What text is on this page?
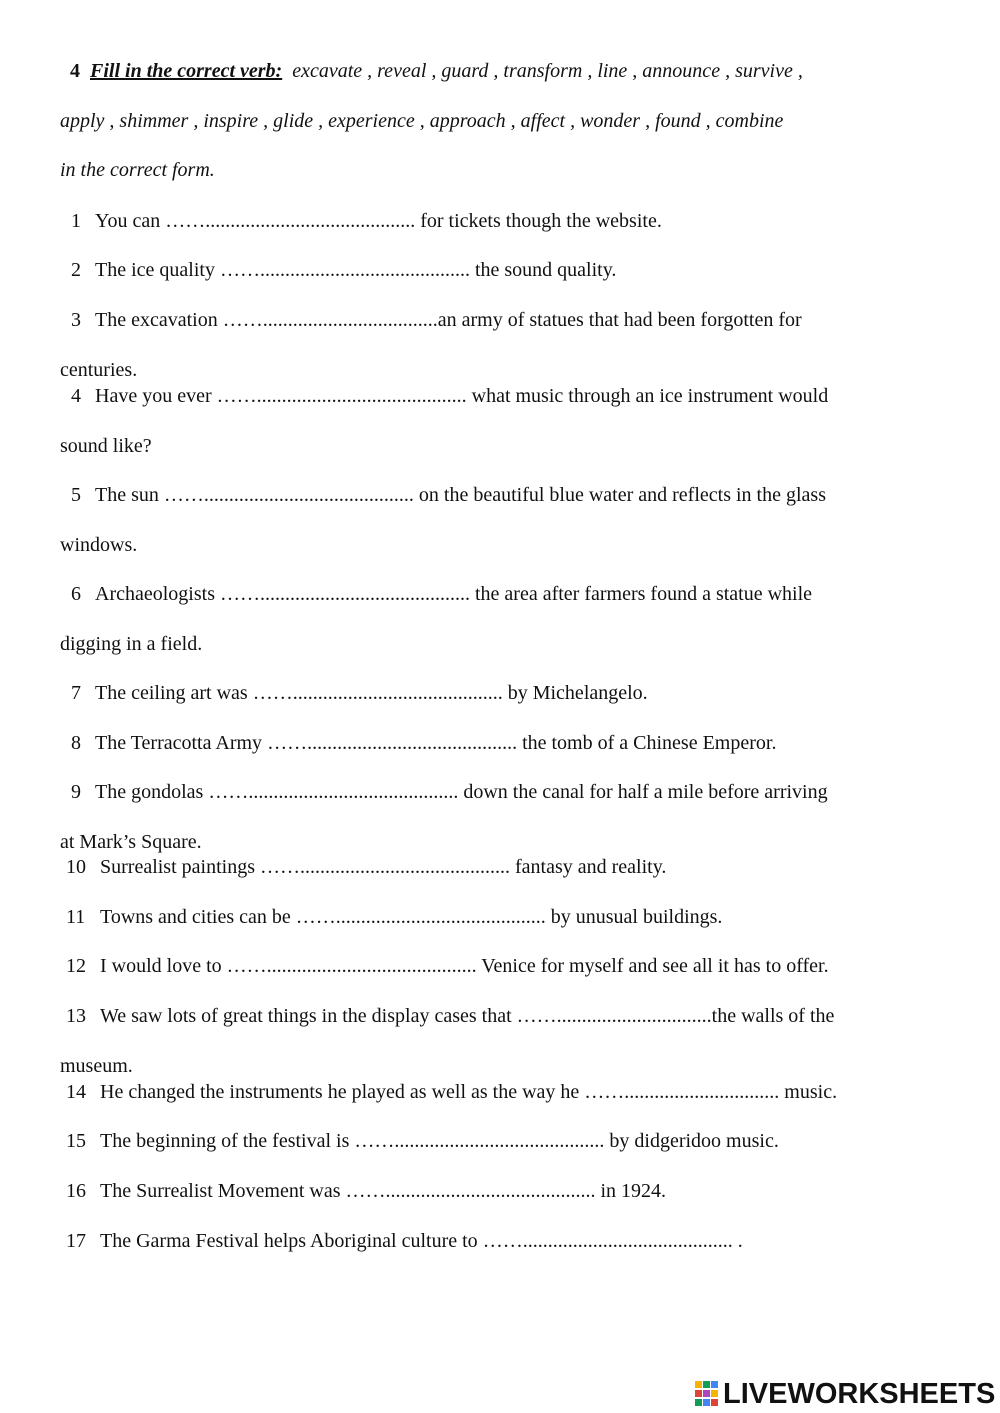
4 Fill in the correct verb: excavate , reveal , guard , transform , line , announce , survive ,
apply , shimmer , inspire , glide , experience , approach , affect , wonder , found , combine
in the correct form.
1 You can …….......................................... for tickets though the website.
2 The ice quality …….......................................... the sound quality.
3 The excavation ……...................................an army of statues that had been forgotten for
centuries.
4 Have you ever …….......................................... what music through an ice instrument would
sound like?
5 The sun …….......................................... on the beautiful blue water and reflects in the glass
windows.
6 Archaeologists …….......................................... the area after farmers found a statue while
digging in a field.
7 The ceiling art was …….......................................... by Michelangelo.
8 The Terracotta Army …….......................................... the tomb of a Chinese Emperor.
9 The gondolas …….......................................... down the canal for half a mile before arriving
at Mark’s Square.
10 Surrealist paintings …….......................................... fantasy and reality.
11 Towns and cities can be …….......................................... by unusual buildings.
12 I would love to …….......................................... Venice for myself and see all it has to offer.
13 We saw lots of great things in the display cases that ……...............................the walls of the
museum.
14 He changed the instruments he played as well as the way he ……............................... music.
15 The beginning of the festival is …….......................................... by didgeridoo music.
16 The Surrealist Movement was …….......................................... in 1924.
17 The Garma Festival helps Aboriginal culture to …….......................................... .
LIVEWORKSHEETS
